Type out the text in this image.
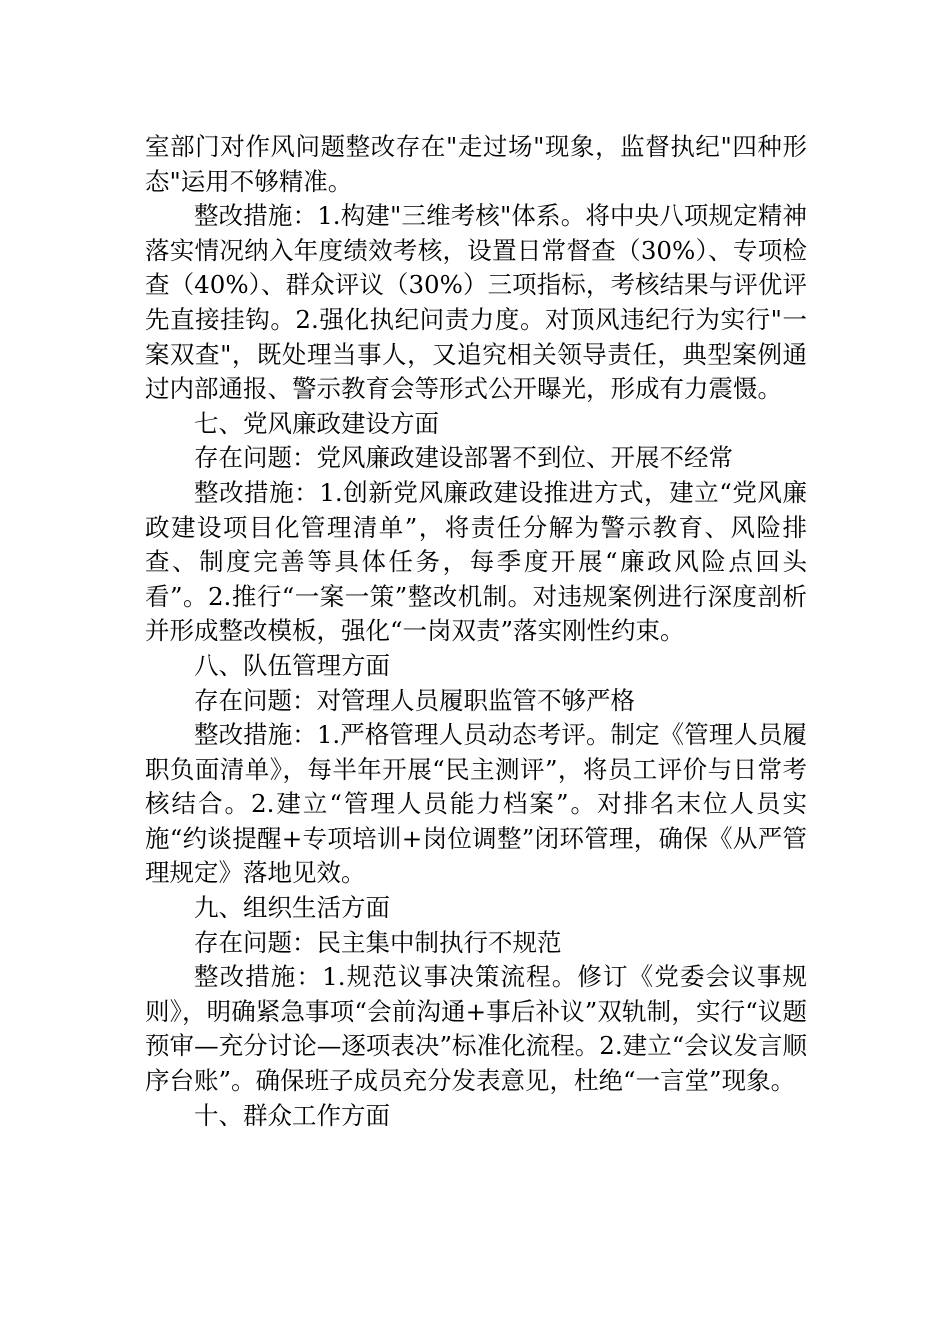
室部门对作风问题整改存在"走过场"现象，监督执纪"四种形态"运用不够精准。

整改措施：1.构建"三维考核"体系。将中央八项规定精神落实情况纳入年度绩效考核，设置日常督查（30%）、专项检查（40%）、群众评议（30%）三项指标，考核结果与评优评先直接挂钩。2.强化执纪问责力度。对顶风违纪行为实行"一案双查"，既处理当事人，又追究相关领导责任，典型案例通过内部通报、警示教育会等形式公开曝光，形成有力震慑。

七、党风廉政建设方面

存在问题：党风廉政建设部署不到位、开展不经常

整改措施：1.创新党风廉政建设推进方式，建立“党风廉政建设项目化管理清单”，将责任分解为警示教育、风险排查、制度完善等具体任务，每季度开展“廉政风险点回头看”。2.推行“一案一策”整改机制。对违规案例进行深度剖析并形成整改模板，强化“一岗双责”落实刚性约束。

八、队伍管理方面

存在问题：对管理人员履职监管不够严格

整改措施：1.严格管理人员动态考评。制定《管理人员履职负面清单》，每半年开展“民主测评”，将员工评价与日常考核结合。2.建立“管理人员能力档案”。对排名末位人员实施“约谈提醒+专项培训+岗位调整”闭环管理，确保《从严管理规定》落地见效。

九、组织生活方面

存在问题：民主集中制执行不规范

整改措施：1.规范议事决策流程。修订《党委会议事规则》，明确紧急事项“会前沟通+事后补议”双轨制，实行“议题预审—充分讨论—逐项表决”标准化流程。2.建立“会议发言顺序台账”。确保班子成员充分发表意见，杜绝“一言堂”现象。

十、群众工作方面
